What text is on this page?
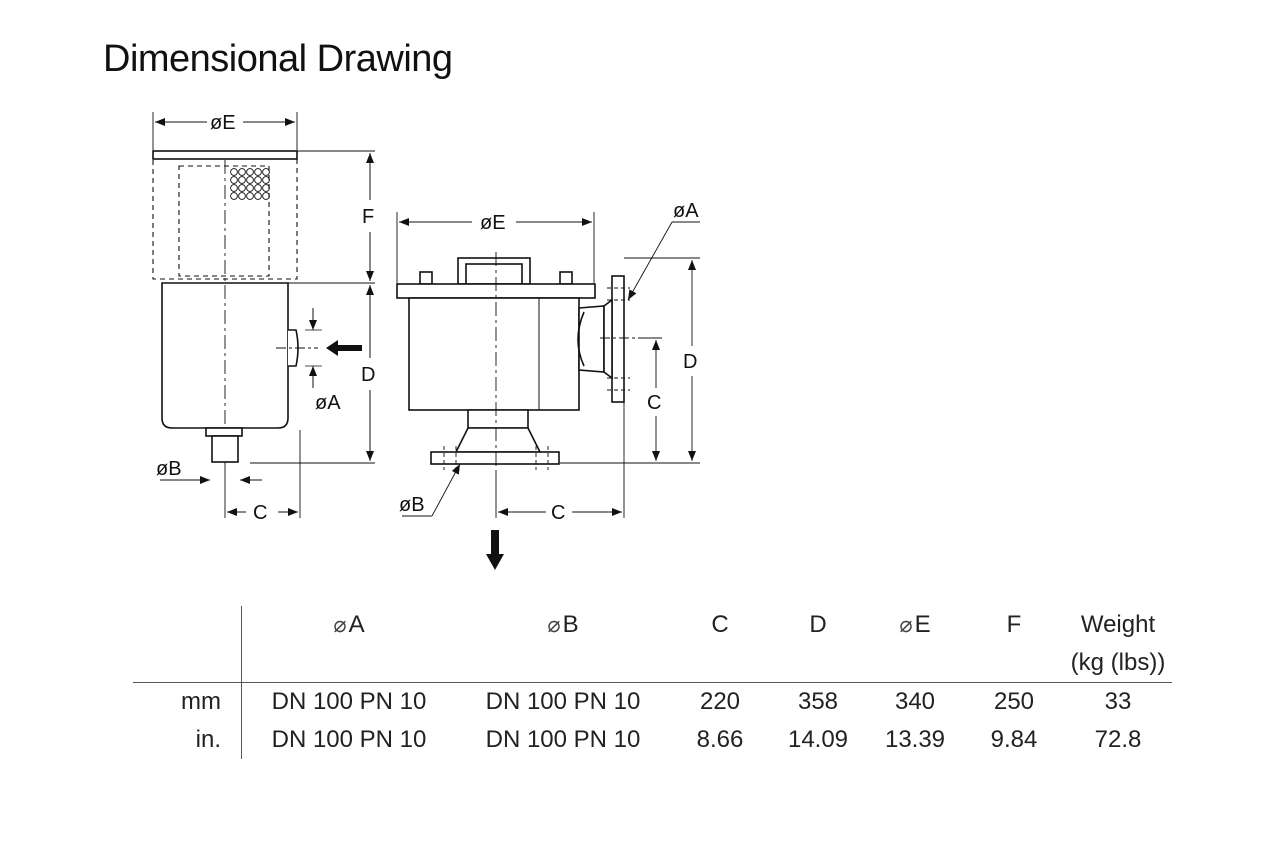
Dimensional Drawing
øE
F
D
øA
øB
C
øE
øA
D
C
øB	C
	⌀A	⌀B	C	D	⌀E	F	Weight
							(kg (lbs))
mm	DN 100 PN 10	DN 100 PN 10	220	358	340	250	33
in.	DN 100 PN 10	DN 100 PN 10	8.66	14.09	13.39	9.84	72.8
